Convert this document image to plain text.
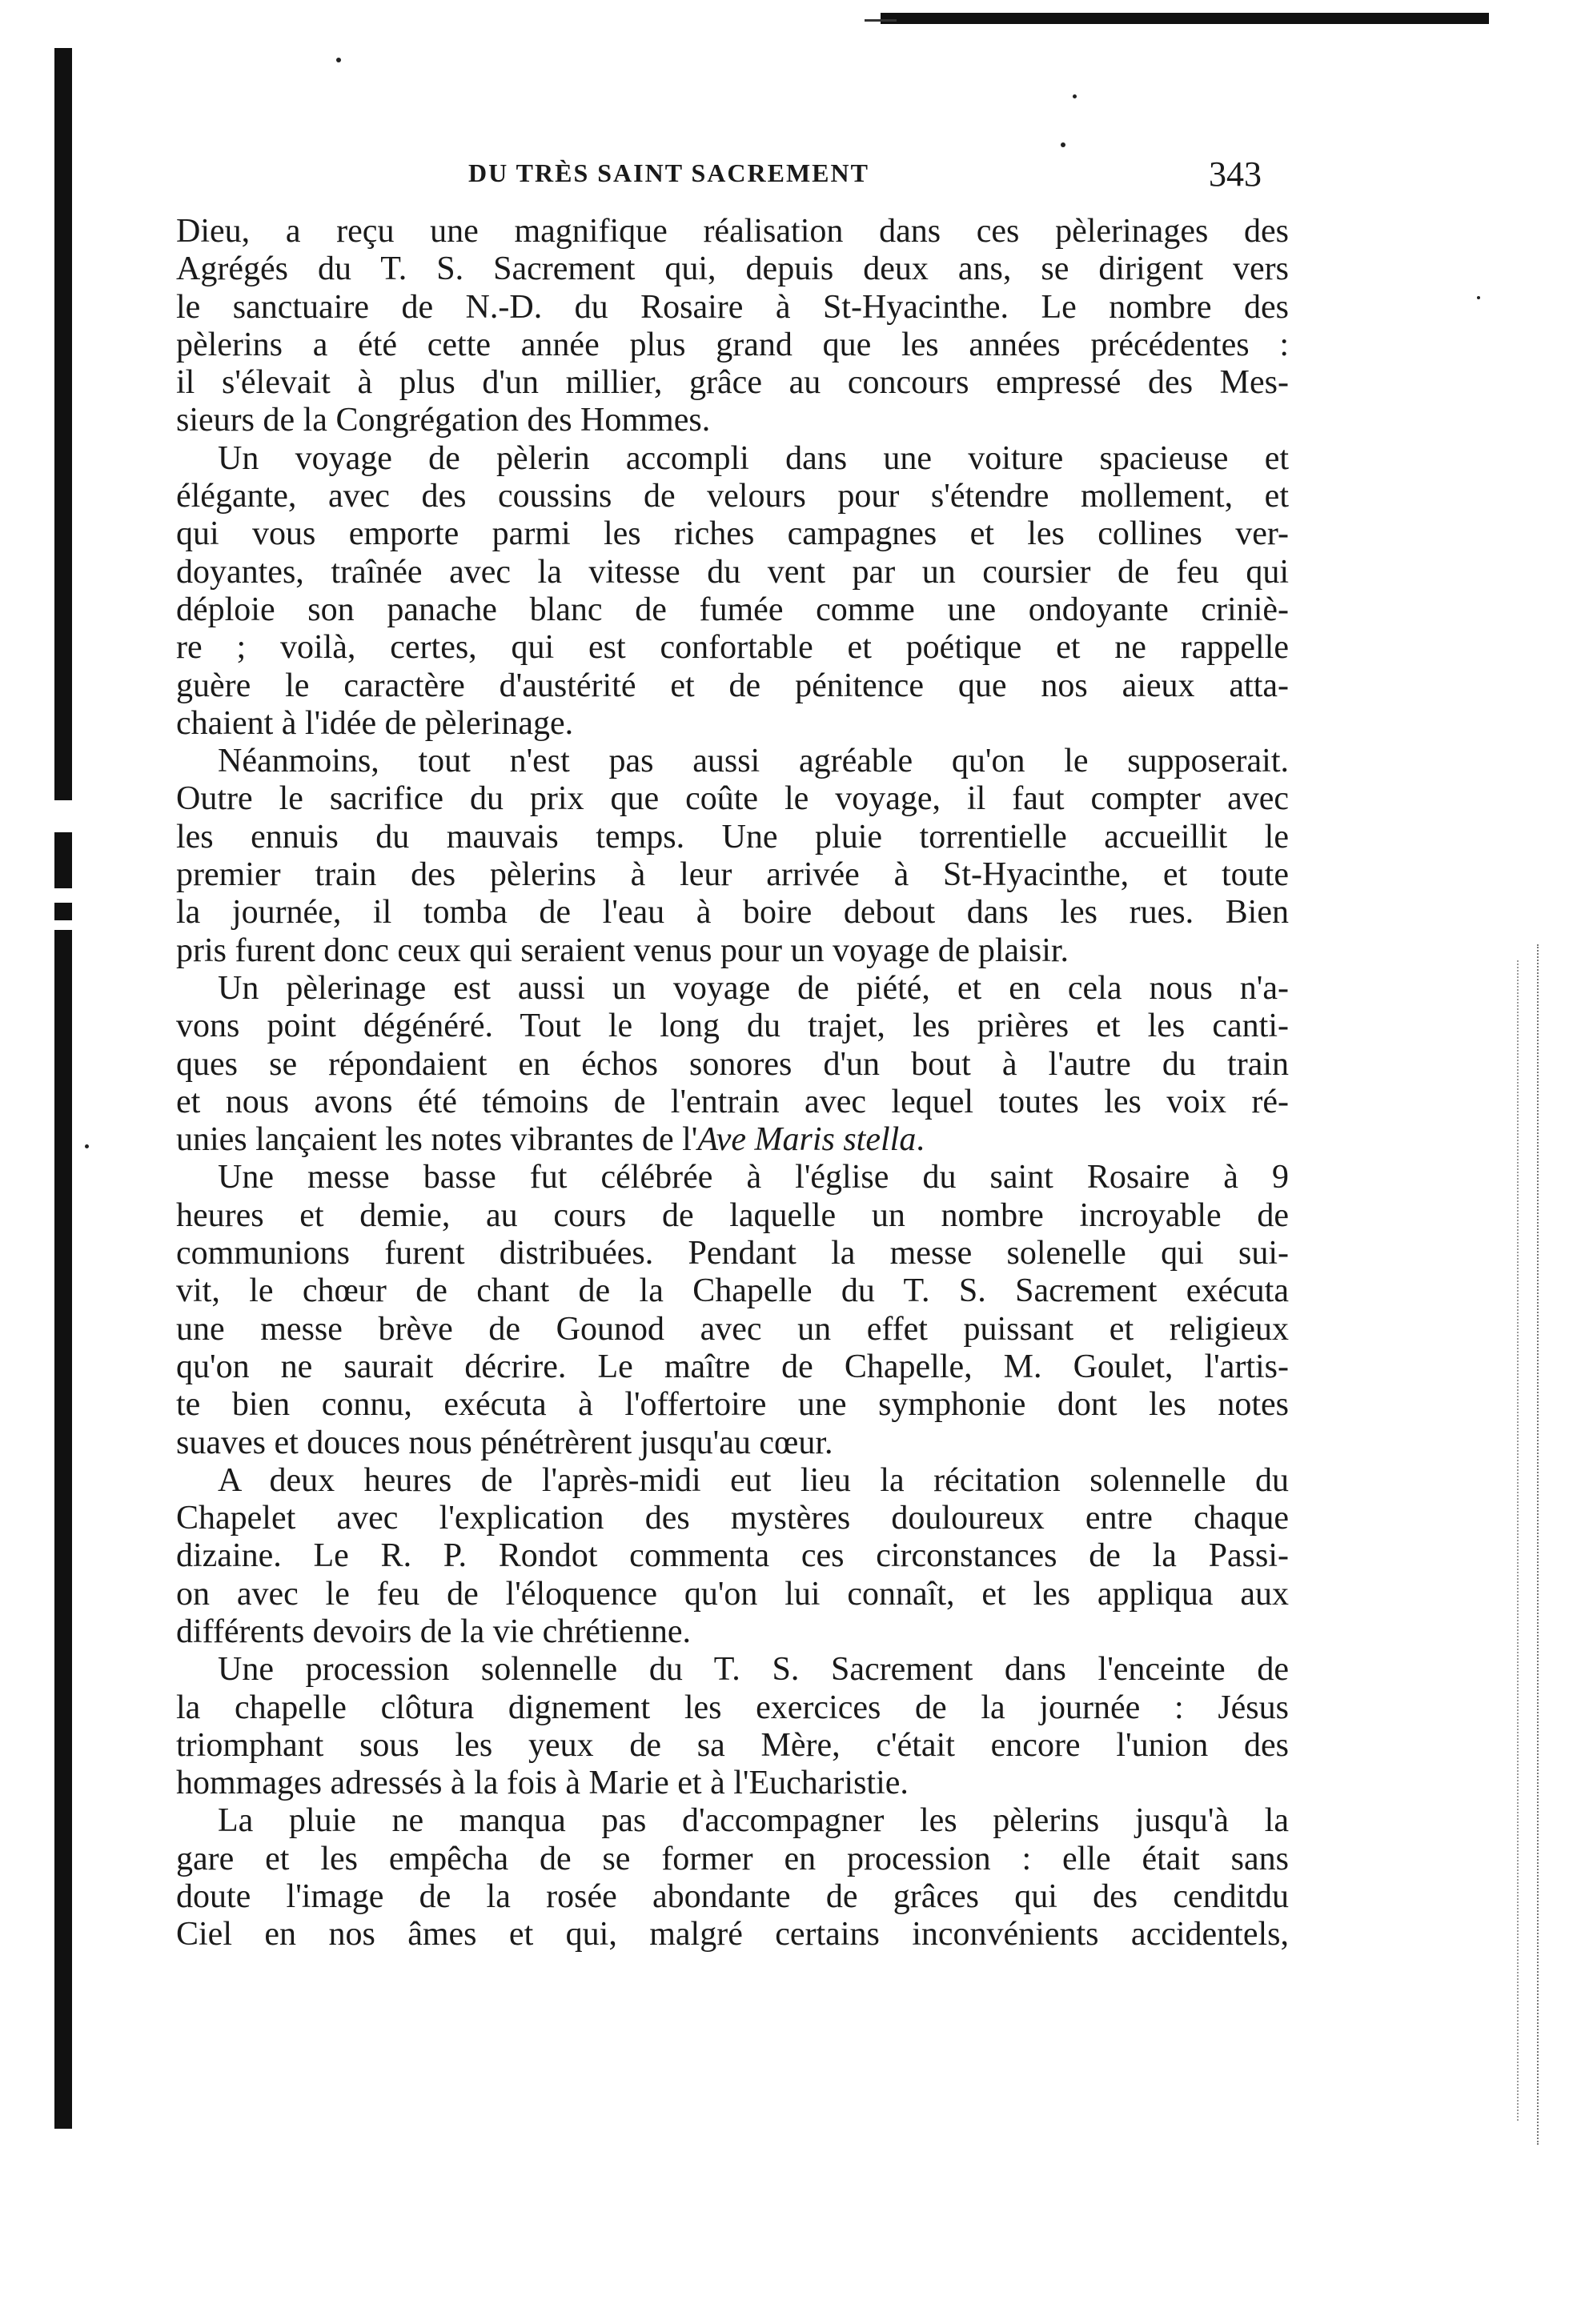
DU TRÈS SAINT SACREMENT	343
Dieu, a reçu une magnifique réalisation dans ces pèlerinages des
Agrégés du T. S. Sacrement qui, depuis deux ans, se dirigent vers
le sanctuaire de N.-D. du Rosaire à St-Hyacinthe. Le nombre des
pèlerins a été cette année plus grand que les années précédentes :
il s'élevait à plus d'un millier, grâce au concours empressé des Mes-
sieurs de la Congrégation des Hommes.
Un voyage de pèlerin accompli dans une voiture spacieuse et
élégante, avec des coussins de velours pour s'étendre mollement, et
qui vous emporte parmi les riches campagnes et les collines ver-
doyantes, traînée avec la vitesse du vent par un coursier de feu qui
déploie son panache blanc de fumée comme une ondoyante criniè-
re ; voilà, certes, qui est confortable et poétique et ne rappelle
guère le caractère d'austérité et de pénitence que nos aieux atta-
chaient à l'idée de pèlerinage.
Néanmoins, tout n'est pas aussi agréable qu'on le supposerait.
Outre le sacrifice du prix que coûte le voyage, il faut compter avec
les ennuis du mauvais temps. Une pluie torrentielle accueillit le
premier train des pèlerins à leur arrivée à St-Hyacinthe, et toute
la journée, il tomba de l'eau à boire debout dans les rues. Bien
pris furent donc ceux qui seraient venus pour un voyage de plaisir.
Un pèlerinage est aussi un voyage de piété, et en cela nous n'a-
vons point dégénéré. Tout le long du trajet, les prières et les canti-
ques se répondaient en échos sonores d'un bout à l'autre du train
et nous avons été témoins de l'entrain avec lequel toutes les voix ré-
unies lançaient les notes vibrantes de l'Ave Maris stella.
Une messe basse fut célébrée à l'église du saint Rosaire à 9
heures et demie, au cours de laquelle un nombre incroyable de
communions furent distribuées. Pendant la messe solenelle qui sui-
vit, le chœur de chant de la Chapelle du T. S. Sacrement exécuta
une messe brève de Gounod avec un effet puissant et religieux
qu'on ne saurait décrire. Le maître de Chapelle, M. Goulet, l'artis-
te bien connu, exécuta à l'offertoire une symphonie dont les notes
suaves et douces nous pénétrèrent jusqu'au cœur.
A deux heures de l'après-midi eut lieu la récitation solennelle du
Chapelet avec l'explication des mystères douloureux entre chaque
dizaine. Le R. P. Rondot commenta ces circonstances de la Passi-
on avec le feu de l'éloquence qu'on lui connaît, et les appliqua aux
différents devoirs de la vie chrétienne.
Une procession solennelle du T. S. Sacrement dans l'enceinte de
la chapelle clôtura dignement les exercices de la journée : Jésus
triomphant sous les yeux de sa Mère, c'était encore l'union des
hommages adressés à la fois à Marie et à l'Eucharistie.
La pluie ne manqua pas d'accompagner les pèlerins jusqu'à la
gare et les empêcha de se former en procession : elle était sans
doute l'image de la rosée abondante de grâces qui des cenditdu
Ciel en nos âmes et qui, malgré certains inconvénients accidentels,
